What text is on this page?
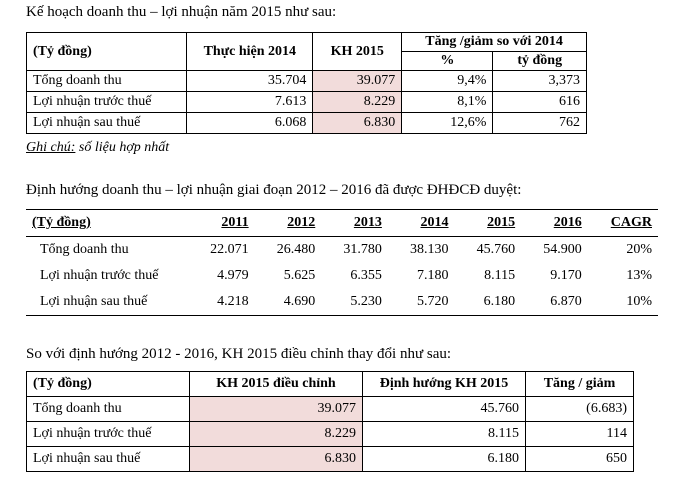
Kế hoạch doanh thu – lợi nhuận năm 2015 như sau:
(Tỷ đồng)	Thực hiện 2014	KH 2015	Tăng /giảm so với 2014	
			%	tỷ đồng
Tổng doanh thu	35.704	39.077	9,4%	3,373
Lợi nhuận trước thuế	7.613	8.229	8,1%	616
Lợi nhuận sau thuế	6.068	6.830	12,6%	762
Ghi chú: số liệu hợp nhất
Định hướng doanh thu – lợi nhuận giai đoạn 2012 – 2016 đã được ĐHĐCĐ duyệt:
(Tỷ đồng)	2011	2012	2013	2014	2015	2016	CAGR
Tổng doanh thu	22.071	26.480	31.780	38.130	45.760	54.900	20%
Lợi nhuận trước thuế	4.979	5.625	6.355	7.180	8.115	9.170	13%
Lợi nhuận sau thuế	4.218	4.690	5.230	5.720	6.180	6.870	10%
So với định hướng 2012 - 2016, KH 2015 điều chỉnh thay đổi như sau:
(Tỷ đồng)	KH 2015 điều chỉnh	Định hướng KH 2015	Tăng / giảm
Tổng doanh thu	39.077	45.760	(6.683)
Lợi nhuận trước thuế	8.229	8.115	114
Lợi nhuận sau thuế	6.830	6.180	650
